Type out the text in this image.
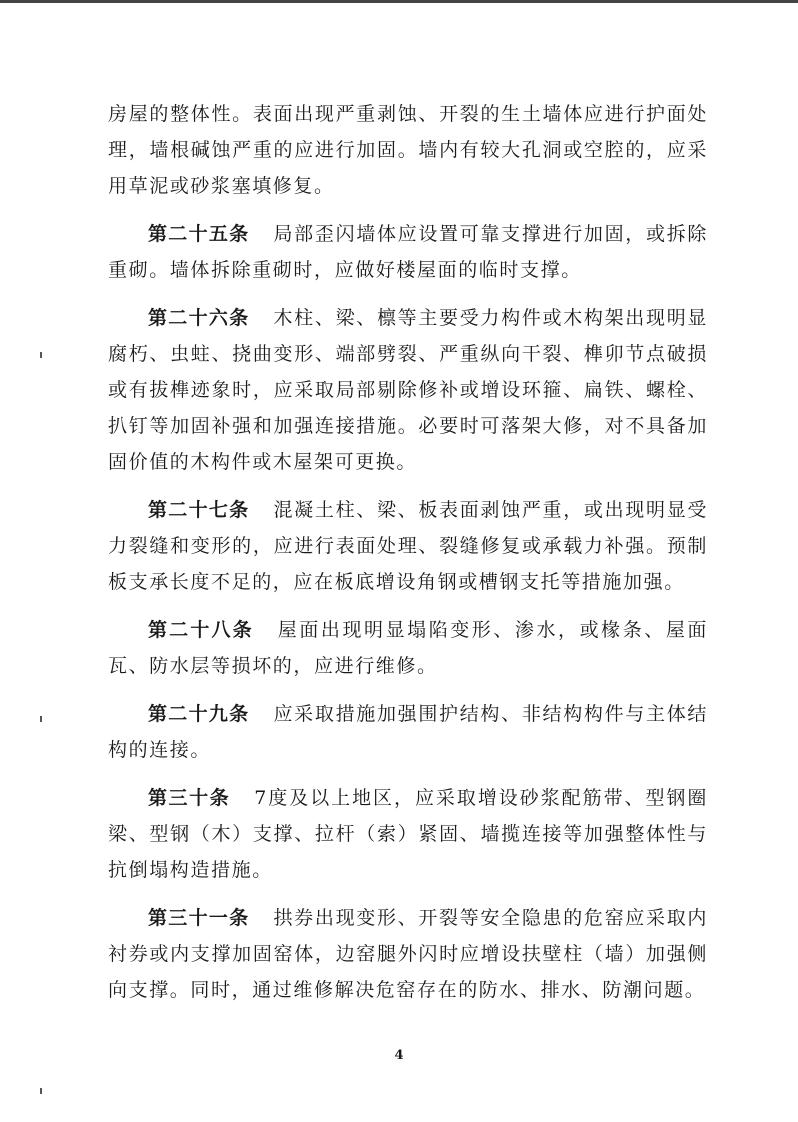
房屋的整体性。表面出现严重剥蚀、开裂的生土墙体应进行护面处理，墙根碱蚀严重的应进行加固。墙内有较大孔洞或空腔的，应采用草泥或砂浆塞填修复。

第二十五条 局部歪闪墙体应设置可靠支撑进行加固，或拆除重砌。墙体拆除重砌时，应做好楼屋面的临时支撑。

第二十六条 木柱、梁、檩等主要受力构件或木构架出现明显腐朽、虫蛀、挠曲变形、端部劈裂、严重纵向干裂、榫卯节点破损或有拔榫迹象时，应采取局部剔除修补或增设环箍、扁铁、螺栓、扒钉等加固补强和加强连接措施。必要时可落架大修，对不具备加固价值的木构件或木屋架可更换。

第二十七条 混凝土柱、梁、板表面剥蚀严重，或出现明显受力裂缝和变形的，应进行表面处理、裂缝修复或承载力补强。预制板支承长度不足的，应在板底增设角钢或槽钢支托等措施加强。

第二十八条 屋面出现明显塌陷变形、渗水，或椽条、屋面瓦、防水层等损坏的，应进行维修。

第二十九条 应采取措施加强围护结构、非结构构件与主体结构的连接。

第三十条 7度及以上地区，应采取增设砂浆配筋带、型钢圈梁、型钢（木）支撑、拉杆（索）紧固、墙揽连接等加强整体性与抗倒塌构造措施。

第三十一条 拱券出现变形、开裂等安全隐患的危窑应采取内衬券或内支撑加固窑体，边窑腿外闪时应增设扶壁柱（墙）加强侧向支撑。同时，通过维修解决危窑存在的防水、排水、防潮问题。

4
